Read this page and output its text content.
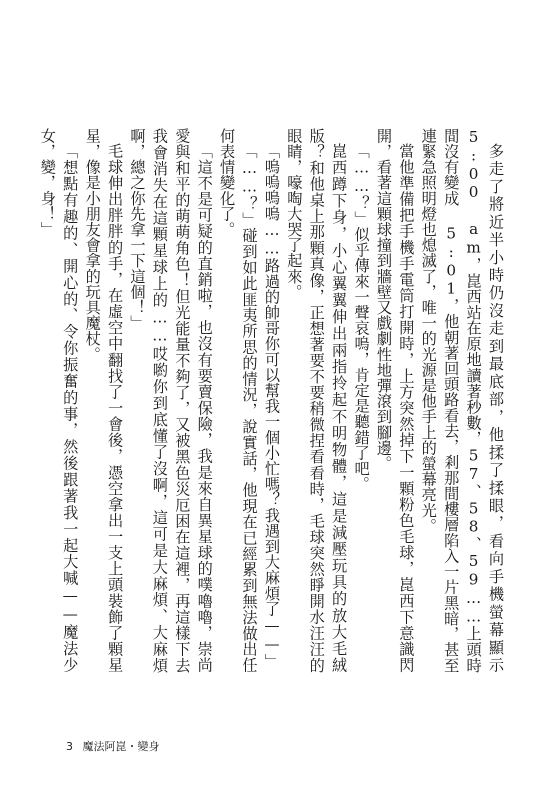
多走了將近半小時仍沒走到最底部，他揉了揉眼，看向手機螢幕顯示 5:00 am，崑西站在原地讀著秒數，57、58、59……上頭時間沒有變成 5:01，他朝著回頭路看去，剎那間樓層陷入一片黑暗，甚至連緊急照明燈也熄滅了，唯一的光源是他手上的螢幕亮光。

當他準備把手機手電筒打開時，上方突然掉下一顆粉色毛球，崑西下意識閃開，看著這顆球撞到牆壁又戲劇性地彈滾到腳邊。

「……？」似乎傳來一聲哀嗚，肯定是聽錯了吧。

崑西蹲下身，小心翼翼伸出兩指拎起不明物體，這是減壓玩具的放大毛絨版？和他桌上那顆真像，正想著要不要稍微捏看看時，毛球突然睜開水汪汪的眼睛，嚎啕大哭了起來。

「嗚嗚嗚嗚……路過的帥哥你可以幫我一個小忙嗎？我遇到大麻煩了——」

「……？」碰到如此匪夷所思的情況，說實話，他現在已經累到無法做出任何表情變化了。

「這不是可疑的直銷啦，也沒有要賣保險，我是來自異星球的噗嚕嚕，崇尚愛與和平的萌萌角色！但光能量不夠了，又被黑色災厄困在這裡，再這樣下去我會消失在這顆星球上的……哎喲你到底懂了沒啊，這可是大麻煩、大麻煩啊，總之你先拿一下這個！」

毛球伸出胖胖的手，在虛空中翻找了一會後，憑空拿出一支上頭裝飾了顆星星，像是小朋友會拿的玩具魔杖。

「想點有趣的、開心的、令你振奮的事，然後跟著我一起大喊——魔法少女，變，身！」

3 魔法阿崑・變身
